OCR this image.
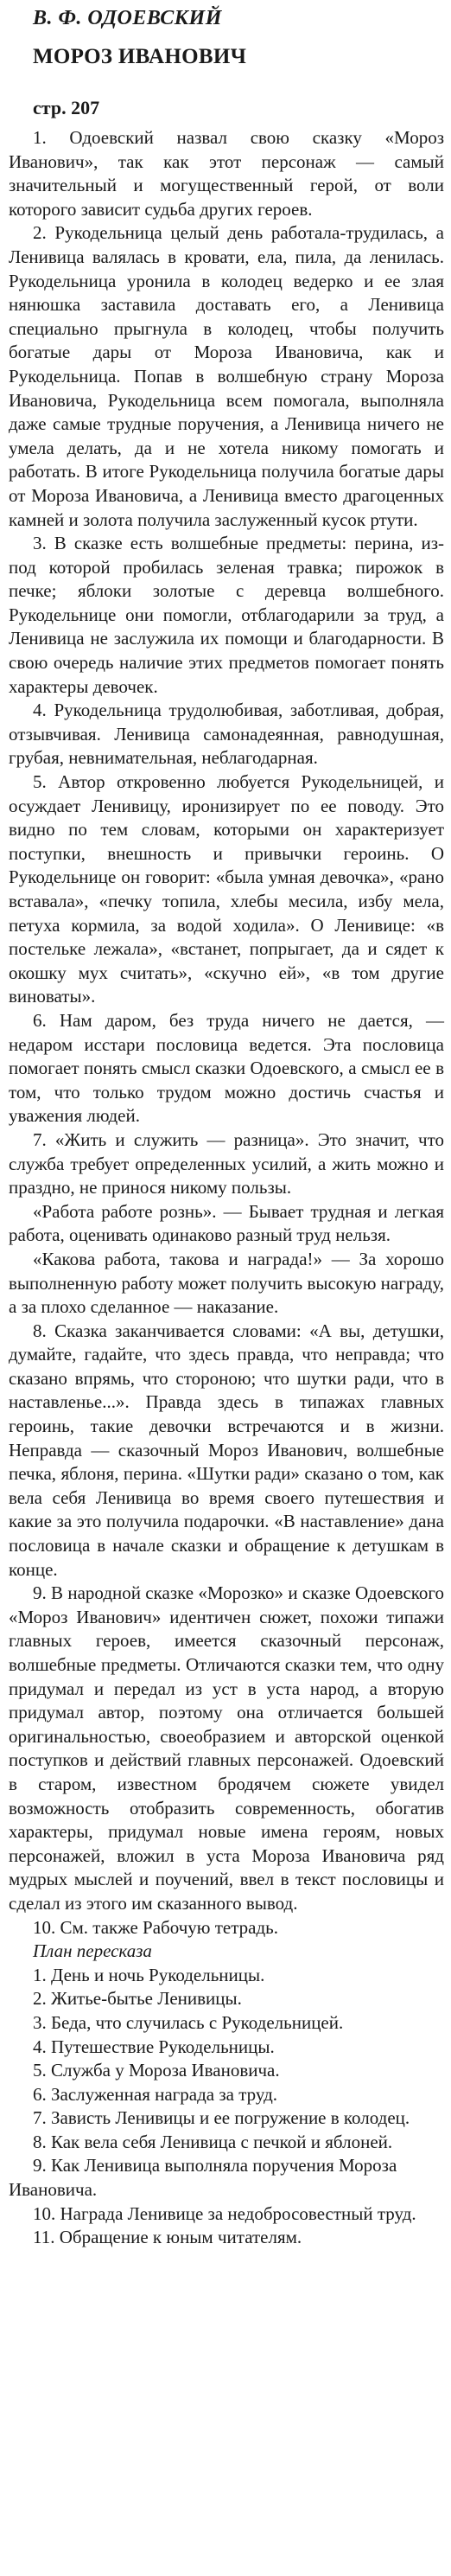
В. Ф. ОДОЕВСКИЙ
МОРОЗ ИВАНОВИЧ
стр. 207

1. Одоевский назвал свою сказку «Мороз Иванович», так как этот персонаж — самый значительный и могущественный герой, от воли которого зависит судьба других героев.

2. Рукодельница целый день работала-трудилась, а Ленивица валялась в кровати, ела, пила, да ленилась. Рукодельница уронила в колодец ведерко и ее злая нянюшка заставила доставать его, а Ленивица специально прыгнула в колодец, чтобы получить богатые дары от Мороза Ивановича, как и Рукодельница. Попав в волшебную страну Мороза Ивановича, Рукодельница всем помогала, выполняла даже самые трудные поручения, а Ленивица ничего не умела делать, да и не хотела никому помогать и работать. В итоге Рукодельница получила богатые дары от Мороза Ивановича, а Ленивица вместо драгоценных камней и золота получила заслуженный кусок ртути.

3. В сказке есть волшебные предметы: перина, из-под которой пробилась зеленая травка; пирожок в печке; яблоки золотые с деревца волшебного. Рукодельнице они помогли, отблагодарили за труд, а Ленивица не заслужила их помощи и благодарности. В свою очередь наличие этих предметов помогает понять характеры девочек.

4. Рукодельница трудолюбивая, заботливая, добрая, отзывчивая. Ленивица самонадеянная, равнодушная, грубая, невнимательная, неблагодарная.

5. Автор откровенно любуется Рукодельницей, и осуждает Ленивицу, иронизирует по ее поводу. Это видно по тем словам, которыми он характеризует поступки, внешность и привычки героинь. О Рукодельнице он говорит: «была умная девочка», «рано вставала», «печку топила, хлебы месила, избу мела, петуха кормила, за водой ходила». О Ленивице: «в постельке лежала», «встанет, попрыгает, да и сядет к окошку мух считать», «скучно ей», «в том другие виноваты».

6. Нам даром, без труда ничего не дается, — недаром исстари пословица ведется. Эта пословица помогает понять смысл сказки Одоевского, а смысл ее в том, что только трудом можно достичь счастья и уважения людей.

7. «Жить и служить — разница». Это значит, что служба требует определенных усилий, а жить можно и праздно, не принося никому пользы.

«Работа работе рознь». — Бывает трудная и легкая работа, оценивать одинаково разный труд нельзя.

«Какова работа, такова и награда!» — За хорошо выполненную работу может получить высокую награду, а за плохо сделанное — наказание.

8. Сказка заканчивается словами: «А вы, детушки, думайте, гадайте, что здесь правда, что неправда; что сказано впрямь, что стороною; что шутки ради, что в наставленье...». Правда здесь в типажах главных героинь, такие девочки встречаются и в жизни. Неправда — сказочный Мороз Иванович, волшебные печка, яблоня, перина. «Шутки ради» сказано о том, как вела себя Ленивица во время своего путешествия и какие за это получила подарочки. «В наставление» дана пословица в начале сказки и обращение к детушкам в конце.

9. В народной сказке «Морозко» и сказке Одоевского «Мороз Иванович» идентичен сюжет, похожи типажи главных героев, имеется сказочный персонаж, волшебные предметы. Отличаются сказки тем, что одну придумал и передал из уст в уста народ, а вторую придумал автор, поэтому она отличается большей оригинальностью, своеобразием и авторской оценкой поступков и действий главных персонажей. Одоевский в старом, известном бродячем сюжете увидел возможность отобразить современность, обогатив характеры, придумал новые имена героям, новых персонажей, вложил в уста Мороза Ивановича ряд мудрых мыслей и поучений, ввел в текст пословицы и сделал из этого им сказанного вывод.

10. См. также Рабочую тетрадь.

План пересказа

1. День и ночь Рукодельницы.

2. Житье-бытье Ленивицы.

3. Беда, что случилась с Рукодельницей.

4. Путешествие Рукодельницы.

5. Служба у Мороза Ивановича.

6. Заслуженная награда за труд.

7. Зависть Ленивицы и ее погружение в колодец.

8. Как вела себя Ленивица с печкой и яблоней.

9. Как Ленивица выполняла поручения Мороза Ивановича.

10. Награда Ленивице за недобросовестный труд.

11. Обращение к юным читателям.
